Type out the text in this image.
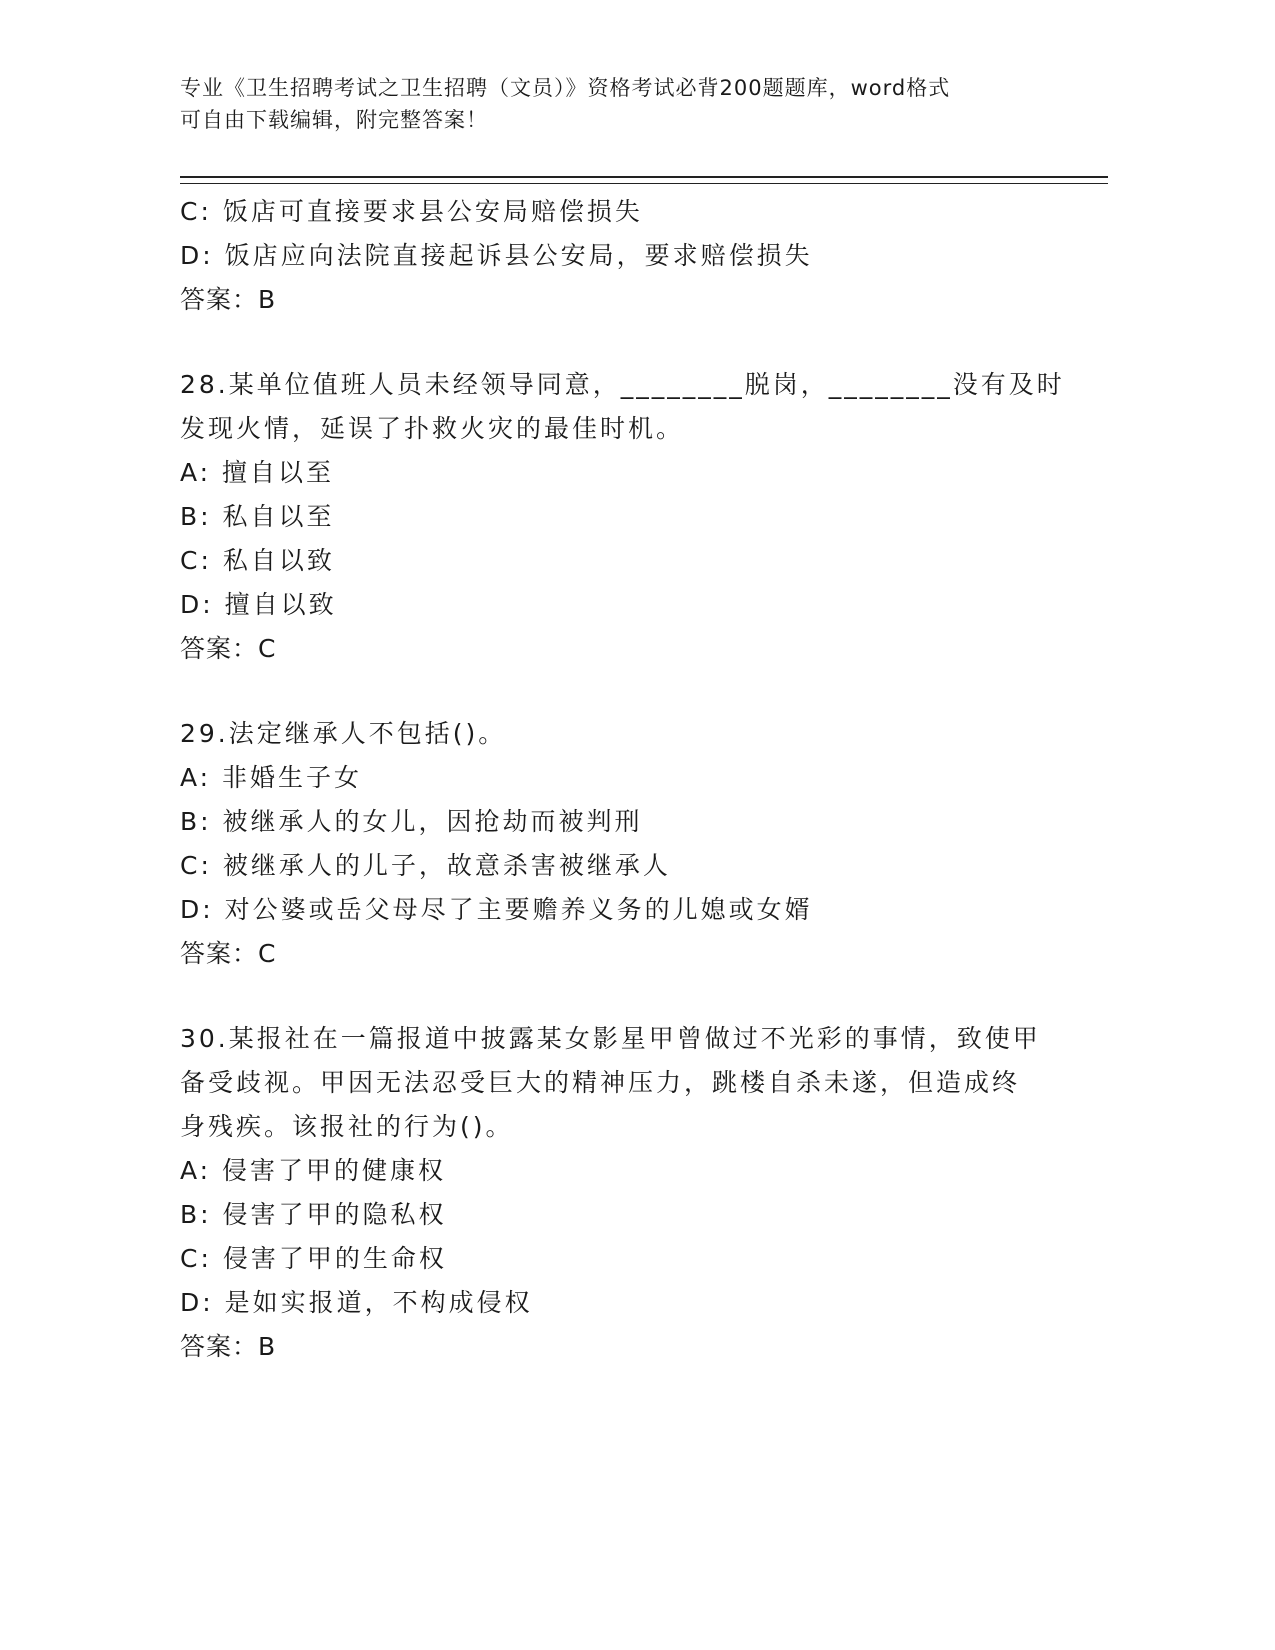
专业《卫生招聘考试之卫生招聘（文员）》资格考试必背200题题库，word格式
可自由下载编辑，附完整答案！
C: 饭店可直接要求县公安局赔偿损失
D: 饭店应向法院直接起诉县公安局，要求赔偿损失
答案：B
28.某单位值班人员未经领导同意，________脱岗，________没有及时
发现火情，延误了扑救火灾的最佳时机。
A: 擅自以至
B: 私自以至
C: 私自以致
D: 擅自以致
答案：C
29.法定继承人不包括()。
A: 非婚生子女
B: 被继承人的女儿，因抢劫而被判刑
C: 被继承人的儿子，故意杀害被继承人
D: 对公婆或岳父母尽了主要赡养义务的儿媳或女婿
答案：C
30.某报社在一篇报道中披露某女影星甲曾做过不光彩的事情，致使甲
备受歧视。甲因无法忍受巨大的精神压力，跳楼自杀未遂，但造成终
身残疾。该报社的行为()。
A: 侵害了甲的健康权
B: 侵害了甲的隐私权
C: 侵害了甲的生命权
D: 是如实报道，不构成侵权
答案：B
